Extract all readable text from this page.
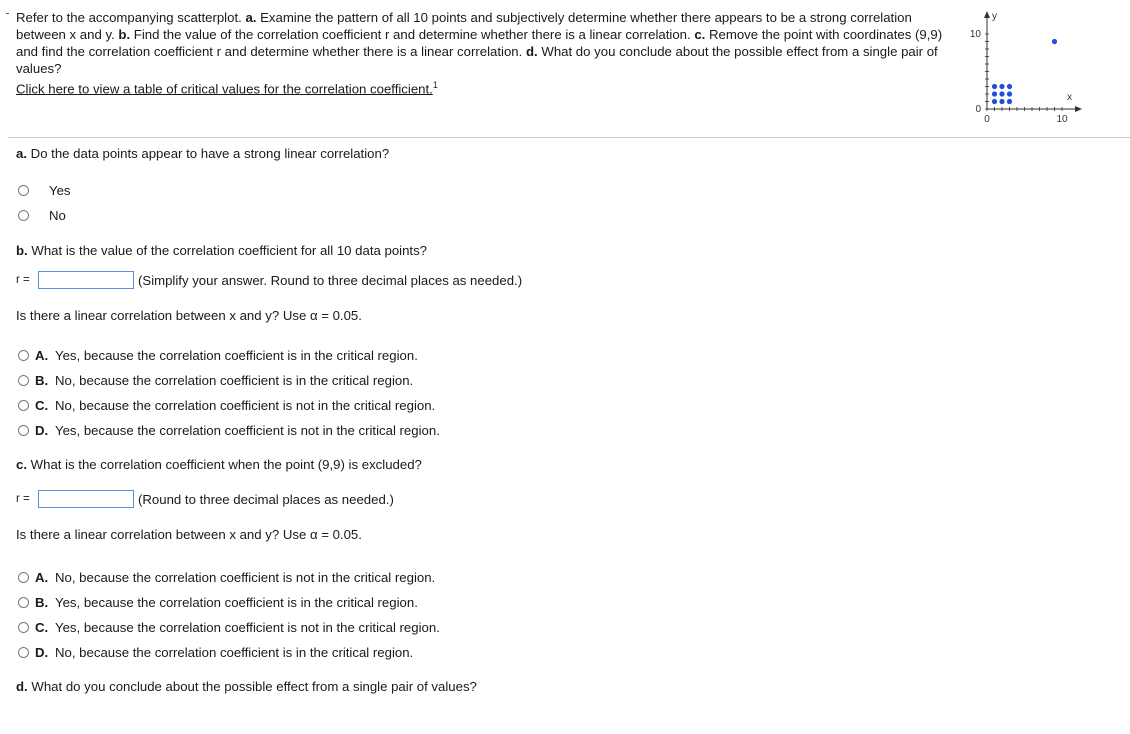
Refer to the accompanying scatterplot. a. Examine the pattern of all 10 points and subjectively determine whether there appears to be a strong correlation between x and y. b. Find the value of the correlation coefficient r and determine whether there is a linear correlation. c. Remove the point with coordinates (9,9) and find the correlation coefficient r and determine whether there is a linear correlation. d. What do you conclude about the possible effect from a single pair of values?
Click here to view a table of critical values for the correlation coefficient.$^1$
y
x
10
0
0	10
a. Do the data points appear to have a strong linear correlation?
Yes
No
b. What is the value of the correlation coefficient for all 10 data points?
r =	(Simplify your answer. Round to three decimal places as needed.)
Is there a linear correlation between x and y? Use α = 0.05.
A. Yes, because the correlation coefficient is in the critical region.
B. No, because the correlation coefficient is in the critical region.
C. No, because the correlation coefficient is not in the critical region.
D. Yes, because the correlation coefficient is not in the critical region.
c. What is the correlation coefficient when the point (9,9) is excluded?
r =	(Round to three decimal places as needed.)
Is there a linear correlation between x and y? Use α = 0.05.
A. No, because the correlation coefficient is not in the critical region.
B. Yes, because the correlation coefficient is in the critical region.
C. Yes, because the correlation coefficient is not in the critical region.
D. No, because the correlation coefficient is in the critical region.
d. What do you conclude about the possible effect from a single pair of values?
